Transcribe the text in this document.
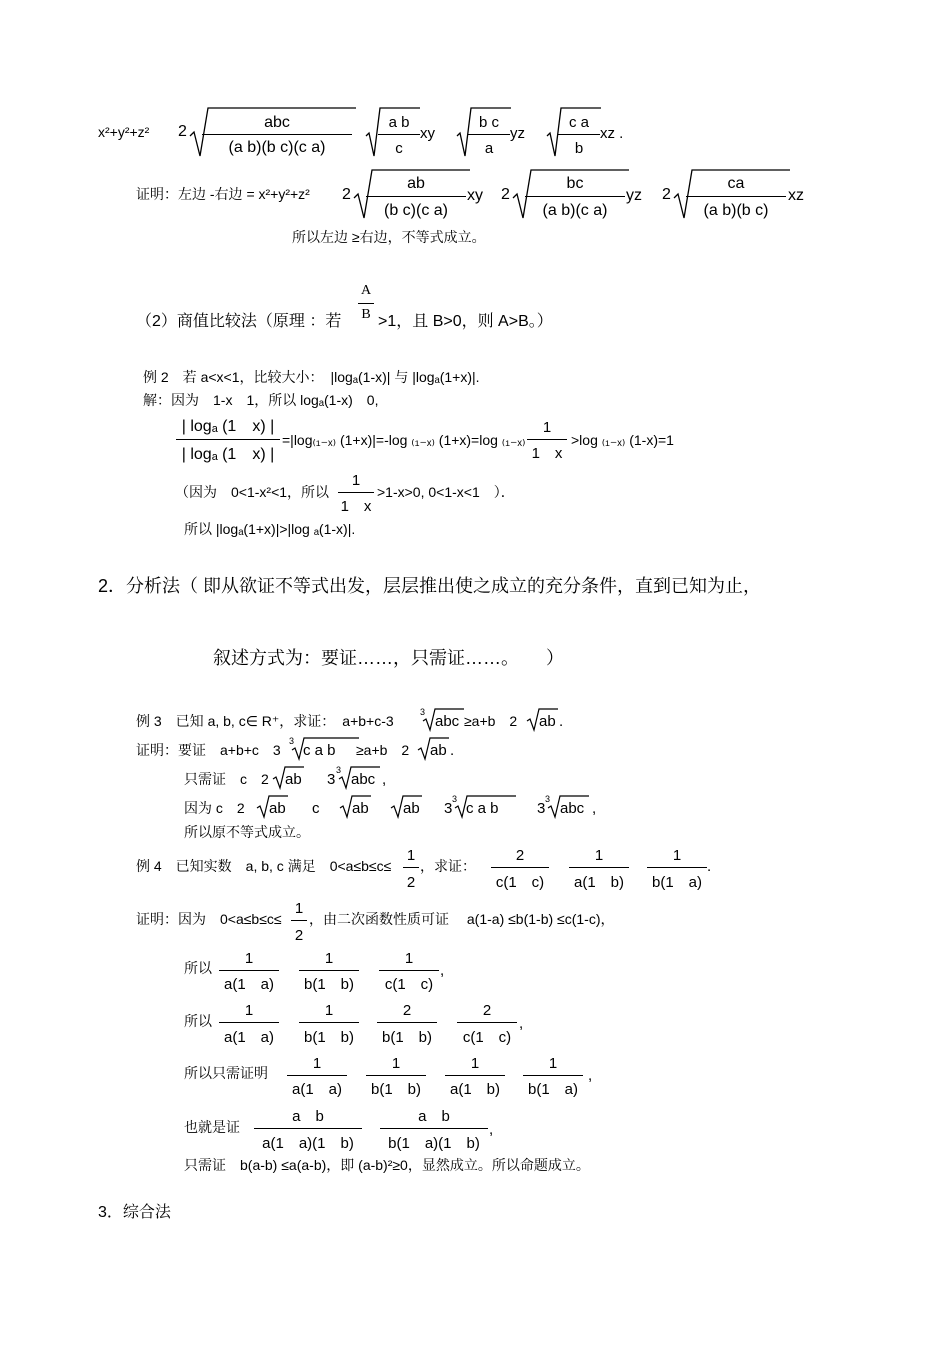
x²+y²+z² 2
abc
(a b)(b c)(c a)
a b
c
xy
b c
a
yz
c a
b
xz .
证明：左边 -右边 = x²+y²+z² 2
ab
(b c)(c a)
xy 2
bc
(a b)(c a)
yz 2
ca
(a b)(b c)
xz
所以左边 ≥右边，不等式成立。
（2）商值比较法（原理 ：若
A
B >1，且 B>0，则 A>B。）
例 2　若 a<x<1，比较大小：　|logₐ(1-x)| 与 |logₐ(1+x)|.
解：因为　1-x　1，所以 logₐ(1-x)　0,
| logₐ (1　x) |
| logₐ (1　x) |
=|log₍₁₋ₓ₎ (1+x)|=-log ₍₁₋ₓ₎ (1+x)=log ₍₁₋ₓ₎
1
1　x
>log ₍₁₋ₓ₎ (1-x)=1
（因为　0<1-x²<1，所以
1
1　x
>1-x>0, 0<1-x<1　）．
所以 |logₐ(1+x)|>|log ₐ(1-x)|.
2．分析法（ 即从欲证不等式出发，层层推出使之成立的充分条件，直到已知为止，
叙述方式为：要证……，只需证……。　　）
例 3　已知 a, b, c∈ R⁺，求证：　a+b+c-3
3
abc ≥a+b　2 ab .
证明：要证　a+b+c　3
3
c a b ≥a+b　2 ab .
只需证　c　2 ab 3
3
abc ,
因为 c　2 ab c ab ab 3
3
c a b	3
3
abc ,
所以原不等式成立。
例 4　已知实数　a, b, c 满足　0<a≤b≤c≤
1
2
，求证：
2
c(1　c)
1
a(1　b)
1
b(1　a)
.
证明：因为　0<a≤b≤c≤
1
2
，由二次函数性质可证　 a(1-a) ≤b(1-b) ≤c(1-c)，
所以
1
a(1　a)
1
b(1　b)
1
c(1　c)
,
所以
1
a(1　a)
1
b(1　b)
2
b(1　b)
2
c(1　c)
,
所以只需证明
1
a(1　a)
1
b(1　b)
1
a(1　b)
1
b(1　a)
,
也就是证
a　b
a(1　a)(1　b)
a　b
b(1　a)(1　b)
,
只需证　b(a-b) ≤a(a-b)，即 (a-b)²≥0，显然成立。所以命题成立。
3．综合法
